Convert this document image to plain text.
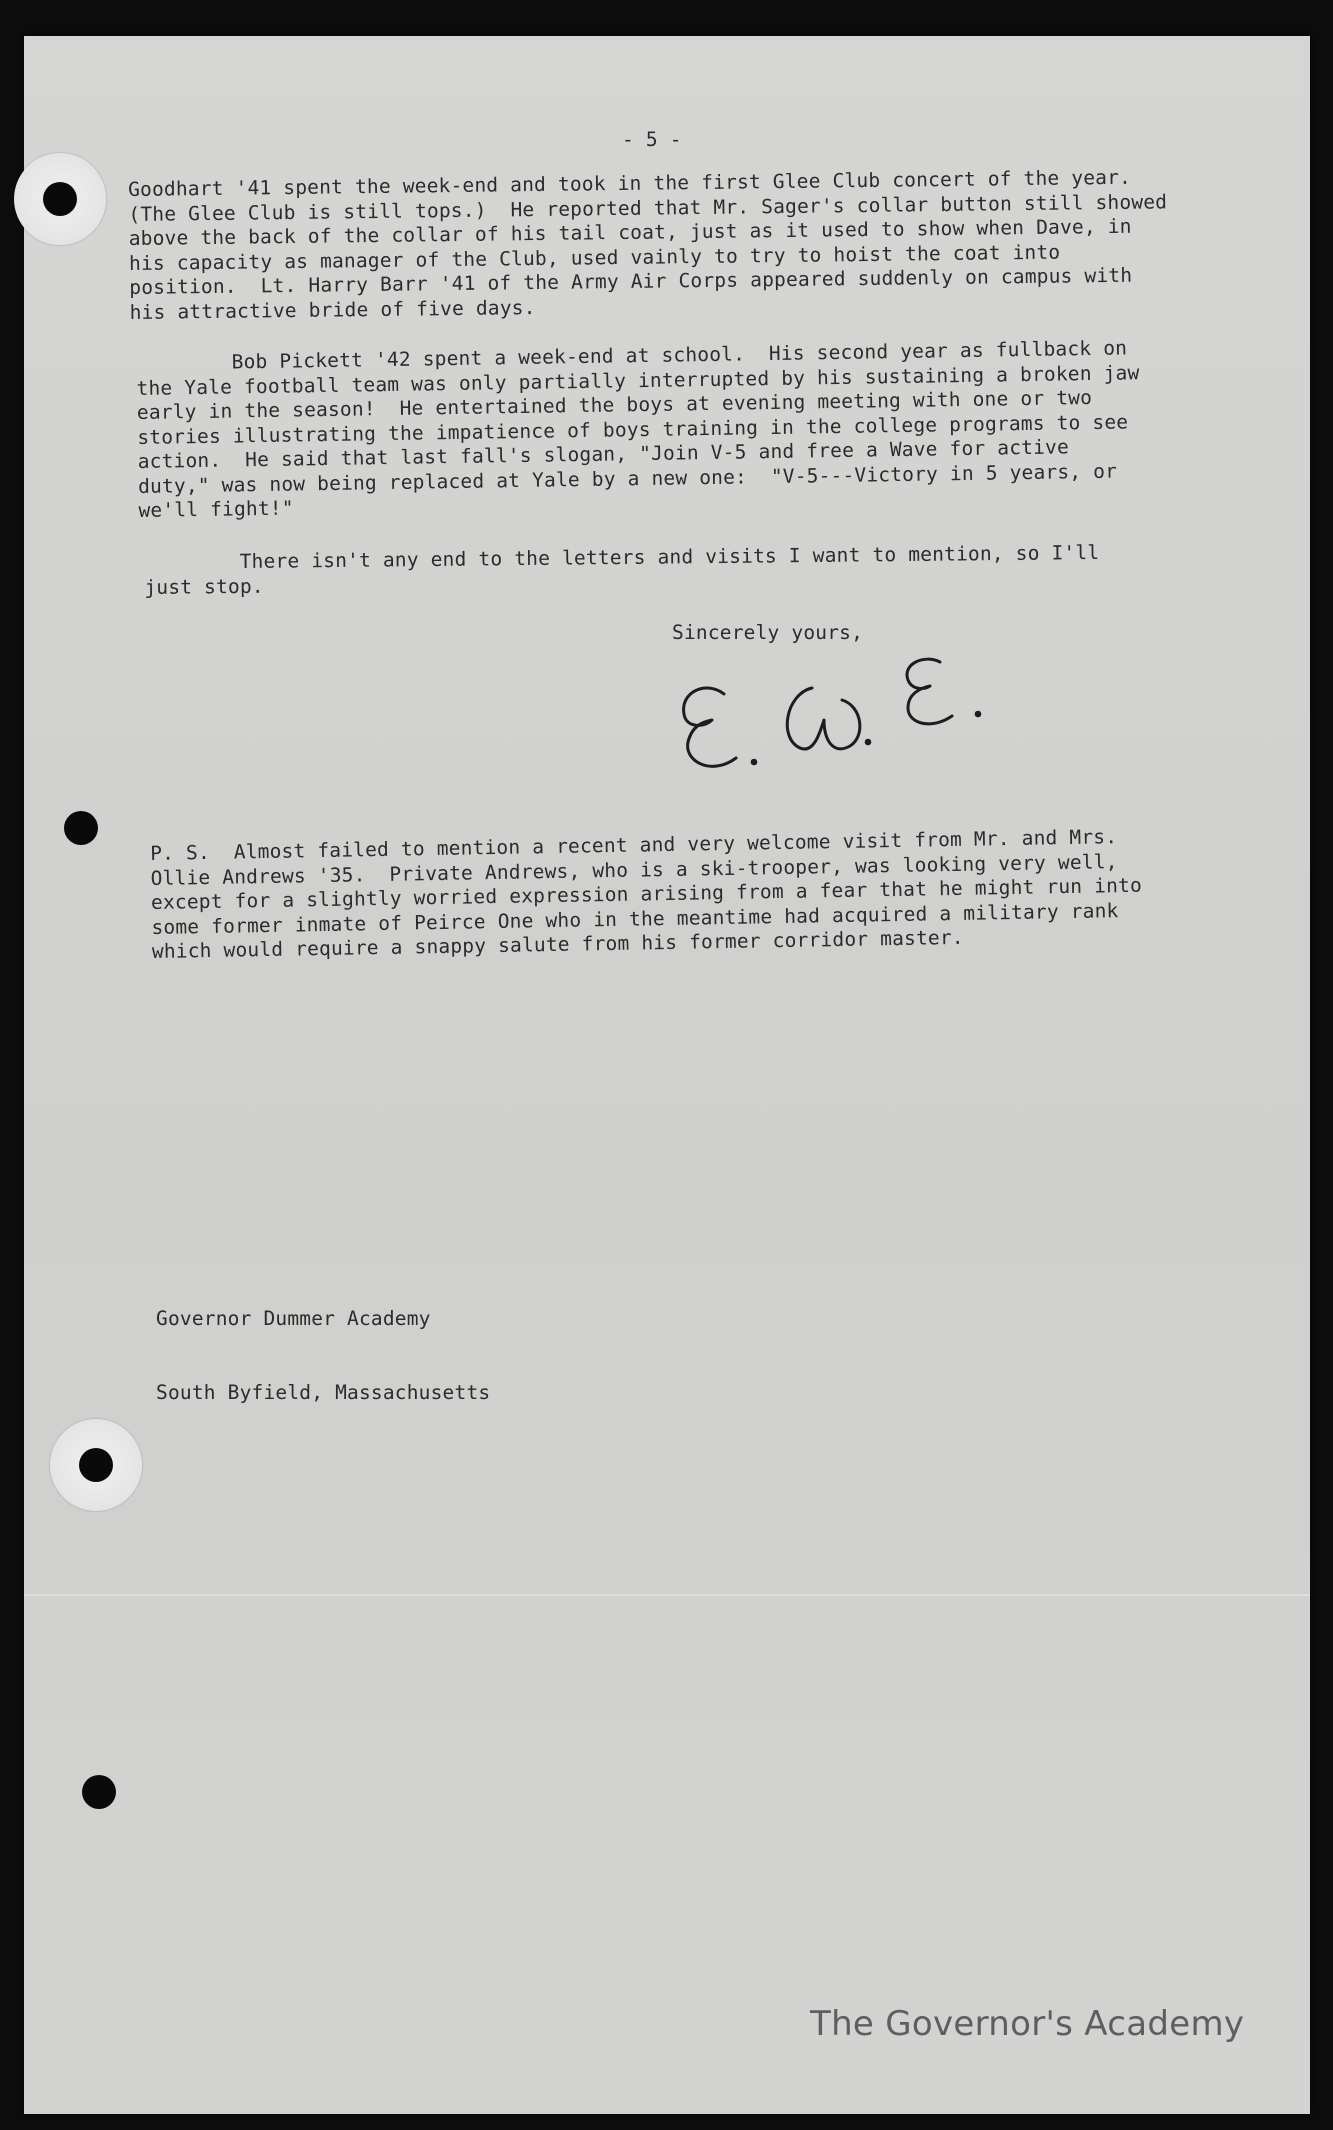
- 5 -
Goodhart '41 spent the week-end and took in the first Glee Club concert of the year. (The Glee Club is still tops.)  He reported that Mr. Sager's collar button still showed above the back of the collar of his tail coat, just as it used to show when Dave, in his capacity as manager of the Club, used vainly to try to hoist the coat into position.  Lt. Harry Barr '41 of the Army Air Corps appeared suddenly on campus with his attractive bride of five days.
Bob Pickett '42 spent a week-end at school.  His second year as fullback on the Yale football team was only partially interrupted by his sustaining a broken jaw early in the season!  He entertained the boys at evening meeting with one or two stories illustrating the impatience of boys training in the college programs to see action.  He said that last fall's slogan, "Join V-5 and free a Wave for active duty," was now being replaced at Yale by a new one:  "V-5---Victory in 5 years, or we'll fight!"
There isn't any end to the letters and visits I want to mention, so I'll just stop.
Sincerely yours,
P. S.  Almost failed to mention a recent and very welcome visit from Mr. and Mrs. Ollie Andrews '35.  Private Andrews, who is a ski-trooper, was looking very well, except for a slightly worried expression arising from a fear that he might run into some former inmate of Peirce One who in the meantime had acquired a military rank which would require a snappy salute from his former corridor master.

Governor Dummer Academy

South Byfield, Massachusetts

The Governor's Academy
